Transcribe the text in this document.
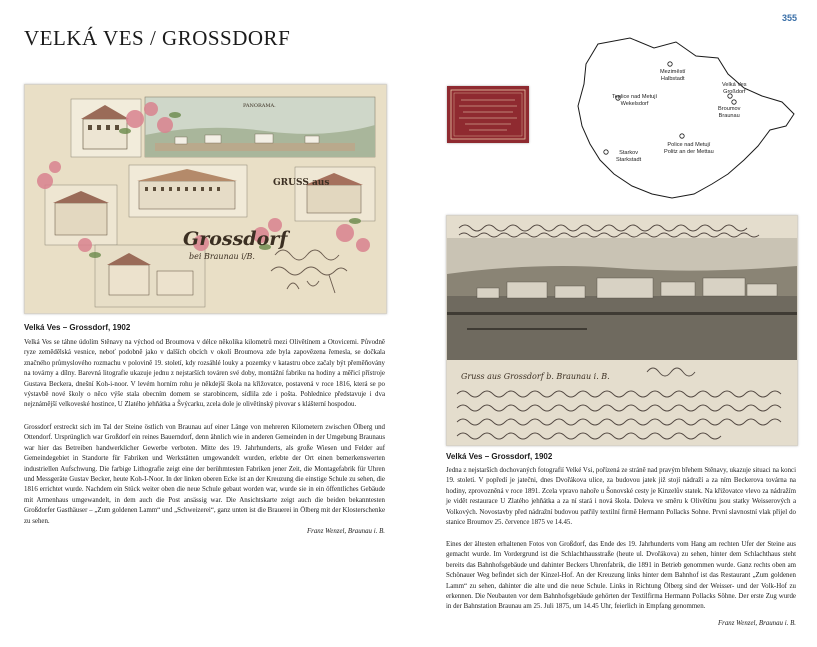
355
VELKÁ VES / GROSSDORF
PANORAMA.
GRUSS aus
Grossdorf
bei Braunau i/B.
Velká Ves – Grossdorf, 1902

Velká Ves se táhne údolím Stěnavy na východ od Broumova v délce několika kilometrů mezi Olivětínem a Otovicemi. Původně ryze zemědělská vesnice, neboť podobně jako v dalších obcích v okolí Broumova zde byla zapovězena řemesla, se dočkala značného průmyslového rozmachu v polovině 19. století, kdy rozsáhlé louky a pozemky v katastru obce začaly být přeměňovány na továrny a dílny. Barevná litografie ukazuje jednu z nejstarších továren své doby, montážní fabriku na hodiny a měřicí přístroje Gustava Beckera, dnešní Koh-i-noor. V levém horním rohu je někdejší škola na křižovatce, postavená v roce 1816, která se po výstavbě nové školy o něco výše stala obecním domem se starobincem, sídlila zde i pošta. Pohlednice představuje i dva nejznámější velkoveské hostince, U Zlatého jehňátka a Švýcarku, zcela dole je olivětínský pivovar s klášterní hospodou.

Grossdorf erstreckt sich im Tal der Steine östlich von Braunau auf einer Länge von mehreren Kilometern zwischen Ölberg und Ottendorf. Ursprünglich war Großdorf ein reines Bauerndorf, denn ähnlich wie in anderen Gemeinden in der Umgebung Braunaus war hier das Betreiben handwerklicher Gewerbe verboten. Mitte des 19. Jahrhunderts, als große Wiesen und Felder auf Gemeindegebiet in Standorte für Fabriken und Werkstätten umgewandelt wurden, erlebte der Ort einen bemerkenswerten industriellen Aufschwung. Die farbige Lithografie zeigt eine der berühmtesten Fabriken jener Zeit, die Montagefabrik für Uhren und Messgeräte Gustav Becker, heute Koh-I-Noor. In der linken oberen Ecke ist an der Kreuzung die einstige Schule zu sehen, die 1816 errichtet wurde. Nachdem ein Stück weiter oben die neue Schule gebaut worden war, wurde sie in ein öffentliches Gebäude mit Armenhaus umgewandelt, in dem auch die Post ansässig war. Die Ansichtskarte zeigt auch die beiden bekanntesten Großdorfer Gasthäuser – „Zum goldenen Lamm“ und „Schweizerei“, ganz unten ist die Brauerei in Ölberg mit der Klosterschenke zu sehen.

Franz Wenzel, Braunau i. B.
Meziměstí
Halbstadt
Velká Ves
Großdorf
Teplice nad Metují
Wekelsdorf
Broumov
Braunau
Starkov
Starkstadt
Police nad Metují
Politz an der Mettau
Gruss aus Grossdorf b. Braunau i. B.
Velká Ves – Grossdorf, 1902

Jedna z nejstarších dochovaných fotografií Velké Vsi, pořízená ze stráně nad pravým břehem Stěnavy, ukazuje situaci na konci 19. století. V popředí je jatečni, dnes Dvořákova ulice, za budovou jatek již stojí nádraží a za ním Beckerova továrna na hodiny, zprovozněná v roce 1891. Zcela vpravo nahoře u Šonovské cesty je Kinzelův statek. Na křižovatce vlevo za nádražím je vidět restaurace U Zlatého jehňátka a za ní stará i nová škola. Doleva ve směru k Olivětínu jsou statky Weisserových a Volkových. Novostavby před nádražní budovou patřily textilní firmě Hermann Pollacks Sohne. První slavnostní vlak přijel do stanice Broumov 25. července 1875 ve 14.45.

Eines der ältesten erhaltenen Fotos von Großdorf, das Ende des 19. Jahrhunderts vom Hang am rechten Ufer der Steine aus gemacht wurde. Im Vordergrund ist die Schlachthausstraße (heute ul. Dvořákova) zu sehen, hinter dem Schlachthaus steht bereits das Bahnhofsgebäude und dahinter Beckers Uhrenfabrik, die 1891 in Betrieb genommen wurde. Ganz rechts oben am Schönauer Weg befindet sich der Kinzel-Hof. An der Kreuzung links hinter dem Bahnhof ist das Restaurant „Zum goldenen Lamm“ zu sehen, dahinter die alte und die neue Schule. Links in Richtung Ölberg sind der Weisser- und der Volk-Hof zu erkennen. Die Neubauten vor dem Bahnhofsgebäude gehörten der Textilfirma Hermann Pollacks Söhne. Der erste Zug wurde in der Bahnstation Braunau am 25. Juli 1875, um 14.45 Uhr, feierlich in Empfang genommen.

Franz Wenzel, Braunau i. B.
